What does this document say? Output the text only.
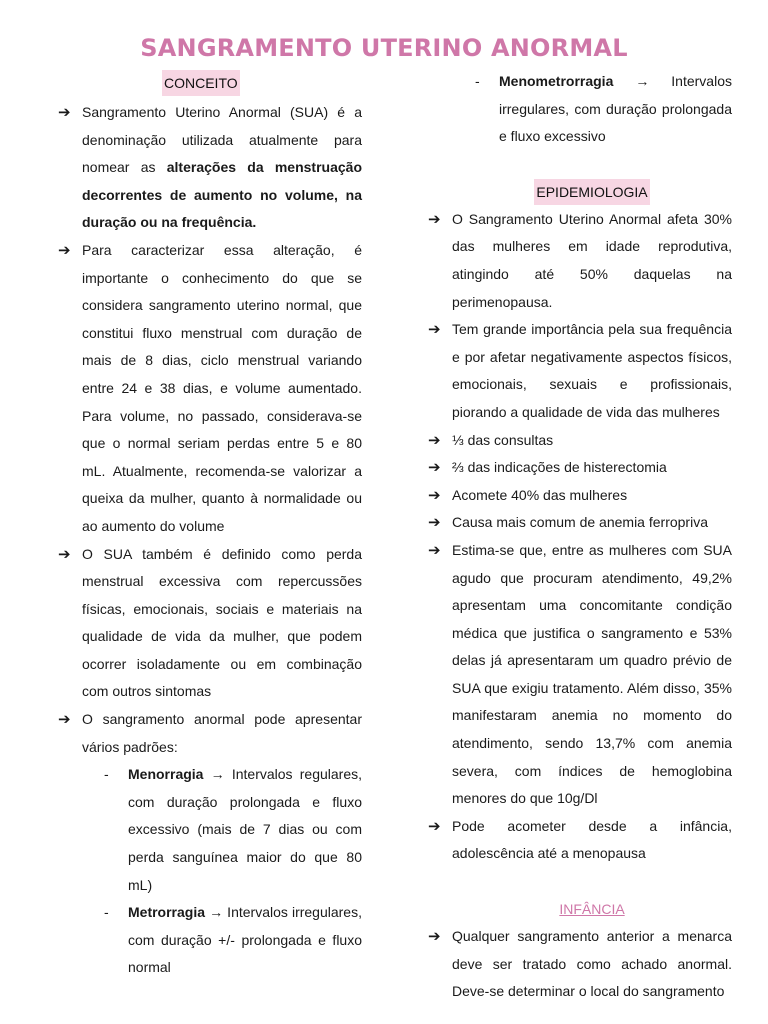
SANGRAMENTO UTERINO ANORMAL
CONCEITO
➔ Sangramento Uterino Anormal (SUA) é a denominação utilizada atualmente para nomear as alterações da menstruação decorrentes de aumento no volume, na duração ou na frequência.
➔ Para caracterizar essa alteração, é importante o conhecimento do que se considera sangramento uterino normal, que constitui fluxo menstrual com duração de mais de 8 dias, ciclo menstrual variando entre 24 e 38 dias, e volume aumentado. Para volume, no passado, considerava-se que o normal seriam perdas entre 5 e 80 mL. Atualmente, recomenda-se valorizar a queixa da mulher, quanto à normalidade ou ao aumento do volume
➔ O SUA também é definido como perda menstrual excessiva com repercussões físicas, emocionais, sociais e materiais na qualidade de vida da mulher, que podem ocorrer isoladamente ou em combinação com outros sintomas
➔ O sangramento anormal pode apresentar vários padrões:
- Menorragia → Intervalos regulares, com duração prolongada e fluxo excessivo (mais de 7 dias ou com perda sanguínea maior do que 80 mL)
- Metrorragia → Intervalos irregulares, com duração +/- prolongada e fluxo normal
- Menometrorragia → Intervalos irregulares, com duração prolongada e fluxo excessivo
EPIDEMIOLOGIA
➔ O Sangramento Uterino Anormal afeta 30% das mulheres em idade reprodutiva, atingindo até 50% daquelas na perimenopausa.
➔ Tem grande importância pela sua frequência e por afetar negativamente aspectos físicos, emocionais, sexuais e profissionais, piorando a qualidade de vida das mulheres
➔ ⅓ das consultas
➔ ⅔ das indicações de histerectomia
➔ Acomete 40% das mulheres
➔ Causa mais comum de anemia ferropriva
➔ Estima-se que, entre as mulheres com SUA agudo que procuram atendimento, 49,2% apresentam uma concomitante condição médica que justifica o sangramento e 53% delas já apresentaram um quadro prévio de SUA que exigiu tratamento. Além disso, 35% manifestaram anemia no momento do atendimento, sendo 13,7% com anemia severa, com índices de hemoglobina menores do que 10g/Dl
➔ Pode acometer desde a infância, adolescência até a menopausa
INFÂNCIA
➔ Qualquer sangramento anterior a menarca deve ser tratado como achado anormal. Deve-se determinar o local do sangramento
